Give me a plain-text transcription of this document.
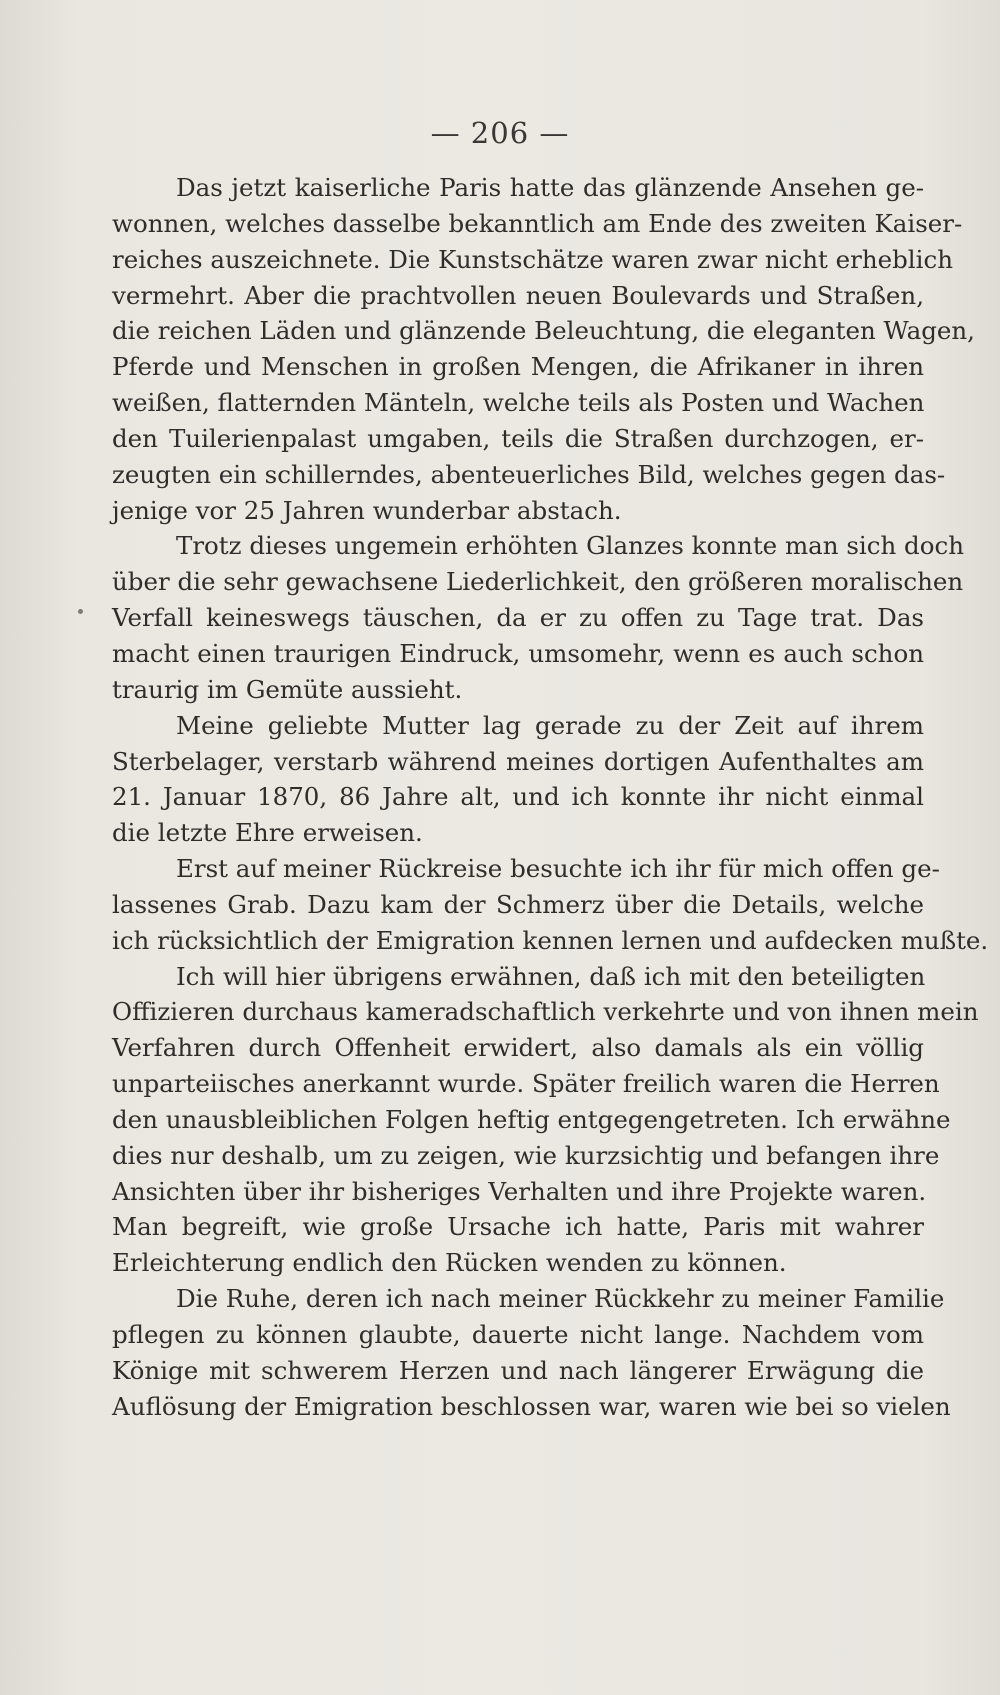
— 206 —
Das jetzt kaiserliche Paris hatte das glänzende Ansehen ge-
wonnen, welches dasselbe bekanntlich am Ende des zweiten Kaiser-
reiches auszeichnete. Die Kunstschätze waren zwar nicht erheblich
vermehrt. Aber die prachtvollen neuen Boulevards und Straßen,
die reichen Läden und glänzende Beleuchtung, die eleganten Wagen,
Pferde und Menschen in großen Mengen, die Afrikaner in ihren
weißen, flatternden Mänteln, welche teils als Posten und Wachen
den Tuilerienpalast umgaben, teils die Straßen durchzogen, er-
zeugten ein schillerndes, abenteuerliches Bild, welches gegen das-
jenige vor 25 Jahren wunderbar abstach.
Trotz dieses ungemein erhöhten Glanzes konnte man sich doch
über die sehr gewachsene Liederlichkeit, den größeren moralischen
Verfall keineswegs täuschen, da er zu offen zu Tage trat. Das
macht einen traurigen Eindruck, umsomehr, wenn es auch schon
traurig im Gemüte aussieht.
Meine geliebte Mutter lag gerade zu der Zeit auf ihrem
Sterbelager, verstarb während meines dortigen Aufenthaltes am
21. Januar 1870, 86 Jahre alt, und ich konnte ihr nicht einmal
die letzte Ehre erweisen.
Erst auf meiner Rückreise besuchte ich ihr für mich offen ge-
lassenes Grab. Dazu kam der Schmerz über die Details, welche
ich rücksichtlich der Emigration kennen lernen und aufdecken mußte.
Ich will hier übrigens erwähnen, daß ich mit den beteiligten
Offizieren durchaus kameradschaftlich verkehrte und von ihnen mein
Verfahren durch Offenheit erwidert, also damals als ein völlig
unparteiisches anerkannt wurde. Später freilich waren die Herren
den unausbleiblichen Folgen heftig entgegengetreten. Ich erwähne
dies nur deshalb, um zu zeigen, wie kurzsichtig und befangen ihre
Ansichten über ihr bisheriges Verhalten und ihre Projekte waren.
Man begreift, wie große Ursache ich hatte, Paris mit wahrer
Erleichterung endlich den Rücken wenden zu können.
Die Ruhe, deren ich nach meiner Rückkehr zu meiner Familie
pflegen zu können glaubte, dauerte nicht lange. Nachdem vom
Könige mit schwerem Herzen und nach längerer Erwägung die
Auflösung der Emigration beschlossen war, waren wie bei so vielen
